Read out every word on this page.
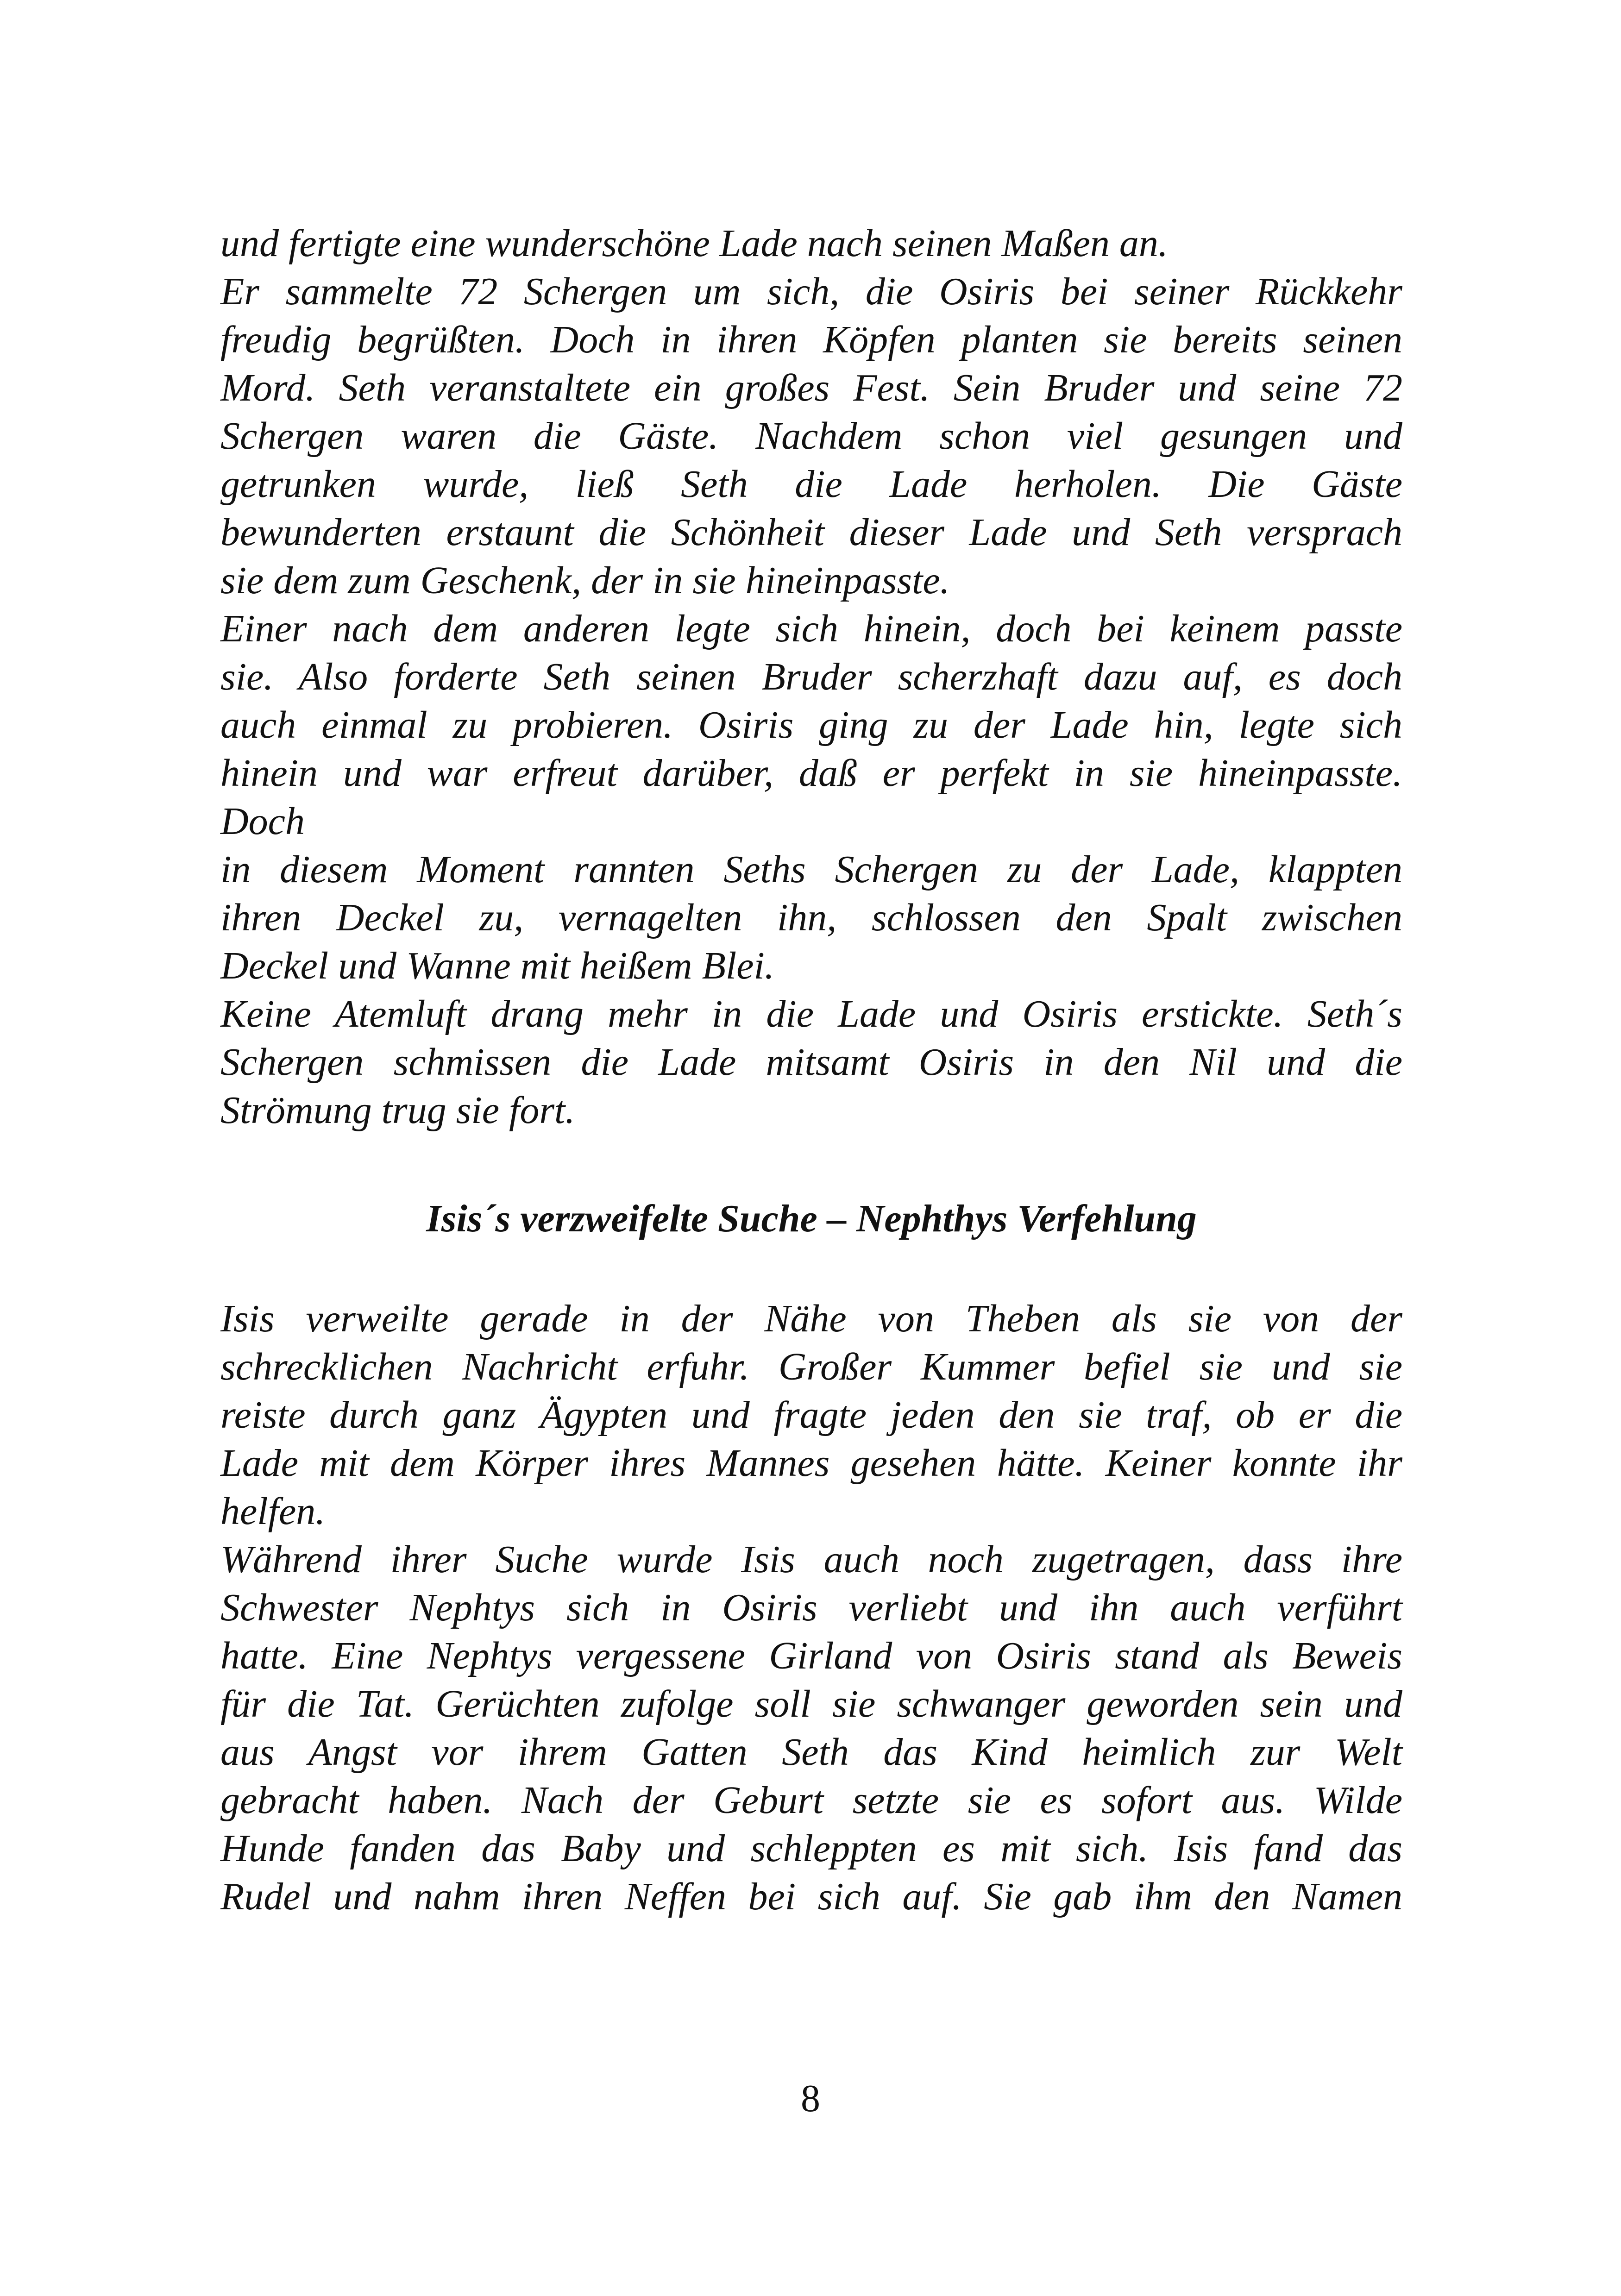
und fertigte eine wunderschöne Lade nach seinen Maßen an.
Er sammelte 72 Schergen um sich, die Osiris bei seiner Rückkehr
freudig begrüßten. Doch in ihren Köpfen planten sie bereits seinen
Mord. Seth veranstaltete ein großes Fest. Sein Bruder und seine 72
Schergen waren die Gäste. Nachdem schon viel gesungen und
getrunken wurde, ließ Seth die Lade herholen. Die Gäste
bewunderten erstaunt die Schönheit dieser Lade und Seth versprach
sie dem zum Geschenk, der in sie hineinpasste.
Einer nach dem anderen legte sich hinein, doch bei keinem passte
sie. Also forderte Seth seinen Bruder scherzhaft dazu auf, es doch
auch einmal zu probieren. Osiris ging zu der Lade hin, legte sich
hinein und war erfreut darüber, daß er perfekt in sie hineinpasste.
Doch
in diesem Moment rannten Seths Schergen zu der Lade, klappten
ihren Deckel zu, vernagelten ihn, schlossen den Spalt zwischen
Deckel und Wanne mit heißem Blei.
Keine Atemluft drang mehr in die Lade und Osiris erstickte. Seth´s
Schergen schmissen die Lade mitsamt Osiris in den Nil und die
Strömung trug sie fort.
Isis´s verzweifelte Suche – Nephthys Verfehlung
Isis verweilte gerade in der Nähe von Theben als sie von der
schrecklichen Nachricht erfuhr. Großer Kummer befiel sie und sie
reiste durch ganz Ägypten und fragte jeden den sie traf, ob er die
Lade mit dem Körper ihres Mannes gesehen hätte. Keiner konnte ihr
helfen.
Während ihrer Suche wurde Isis auch noch zugetragen, dass ihre
Schwester Nephtys sich in Osiris verliebt und ihn auch verführt
hatte. Eine Nephtys vergessene Girland von Osiris stand als Beweis
für die Tat. Gerüchten zufolge soll sie schwanger geworden sein und
aus Angst vor ihrem Gatten Seth das Kind heimlich zur Welt
gebracht haben. Nach der Geburt setzte sie es sofort aus. Wilde
Hunde fanden das Baby und schleppten es mit sich. Isis fand das
Rudel und nahm ihren Neffen bei sich auf. Sie gab ihm den Namen
8
